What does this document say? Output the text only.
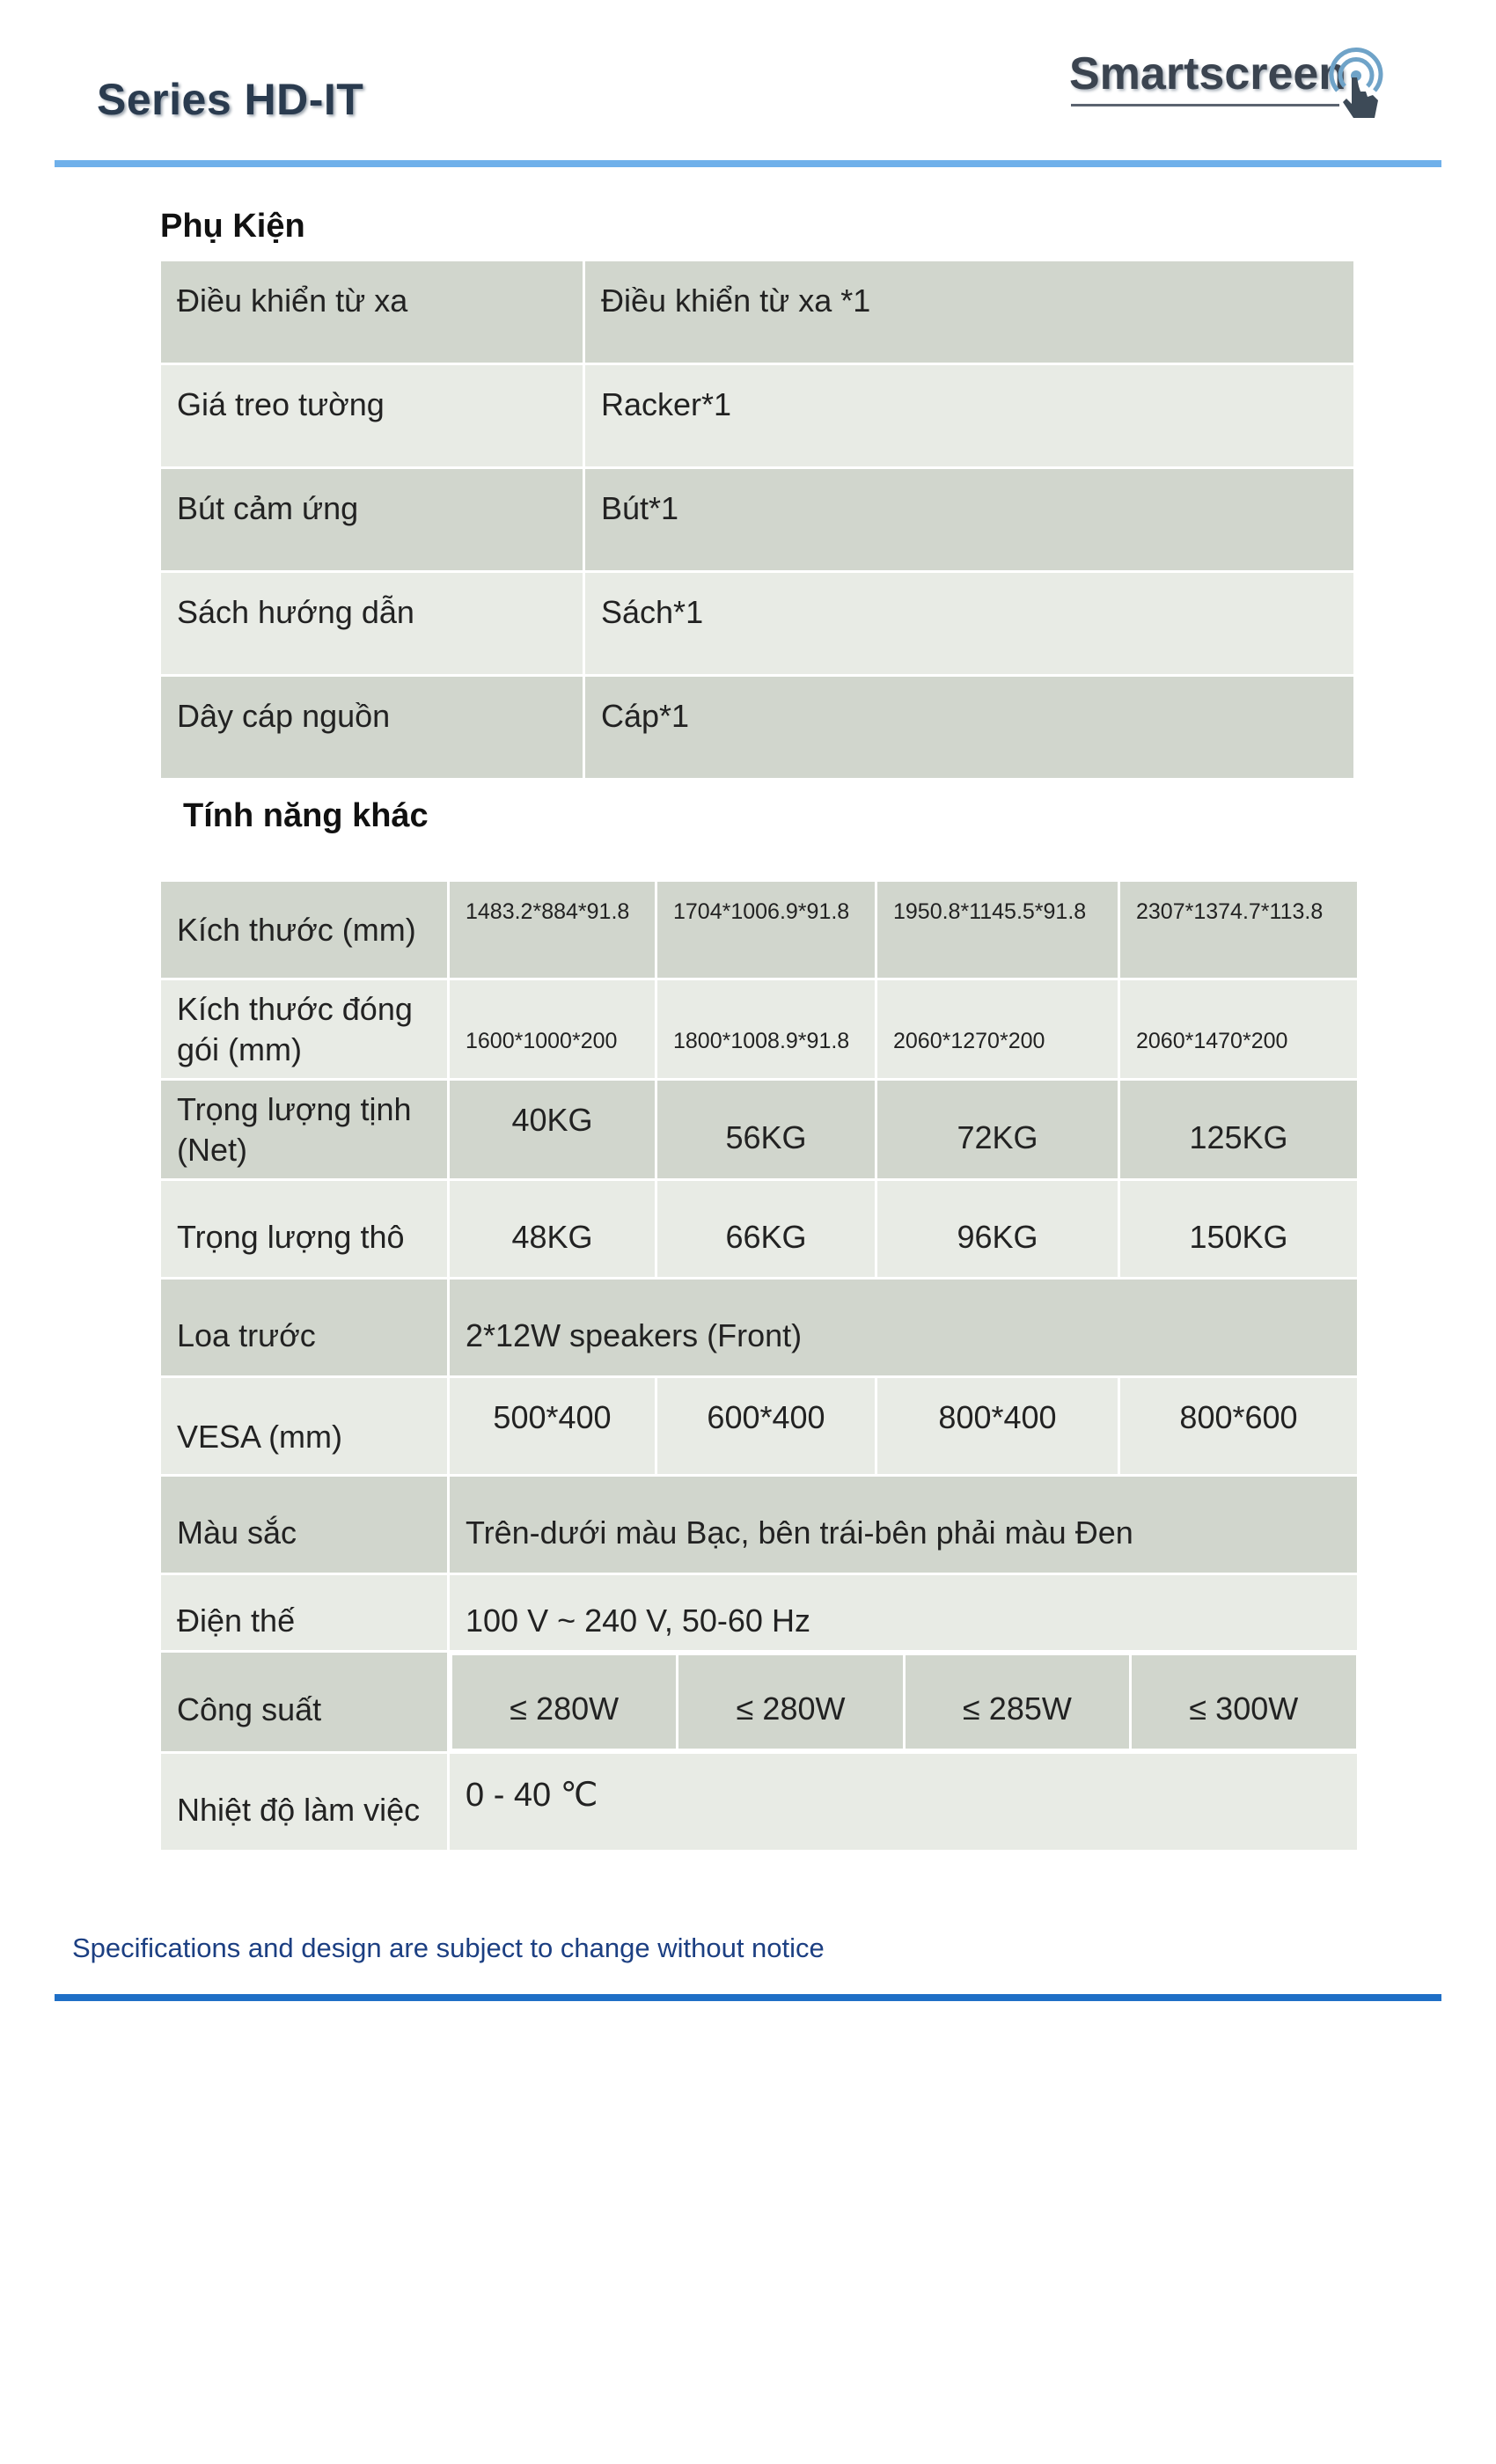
Series HD-IT	Smartscreen
Phụ Kiện
Điều khiển từ xa	Điều khiển từ xa *1
Giá treo tường	Racker*1
Bút cảm ứng	Bút*1
Sách hướng dẫn	Sách*1
Dây cáp nguồn	Cáp*1
Tính năng khác
Kích thước (mm)	1483.2*884*91.8	1704*1006.9*91.8	1950.8*1145.5*91.8	2307*1374.7*113.8
Kích thước đóng gói (mm)	1600*1000*200	1800*1008.9*91.8	2060*1270*200	2060*1470*200
Trọng lượng tịnh (Net)	40KG	56KG	72KG	125KG
Trọng lượng thô	48KG	66KG	96KG	150KG
Loa trước	2*12W speakers (Front)			
VESA (mm)	500*400	600*400	800*400	800*600
Màu sắc	Trên-dưới màu Bạc, bên trái-bên phải màu Đen			
Điện thế	100 V ~ 240 V, 50-60 Hz			
Công suất	≤ 280W ≤ 280W ≤ 285W ≤ 300W			

Nhiệt độ làm việc	0 - 40 ℃			
Specifications and design are subject to change without notice
